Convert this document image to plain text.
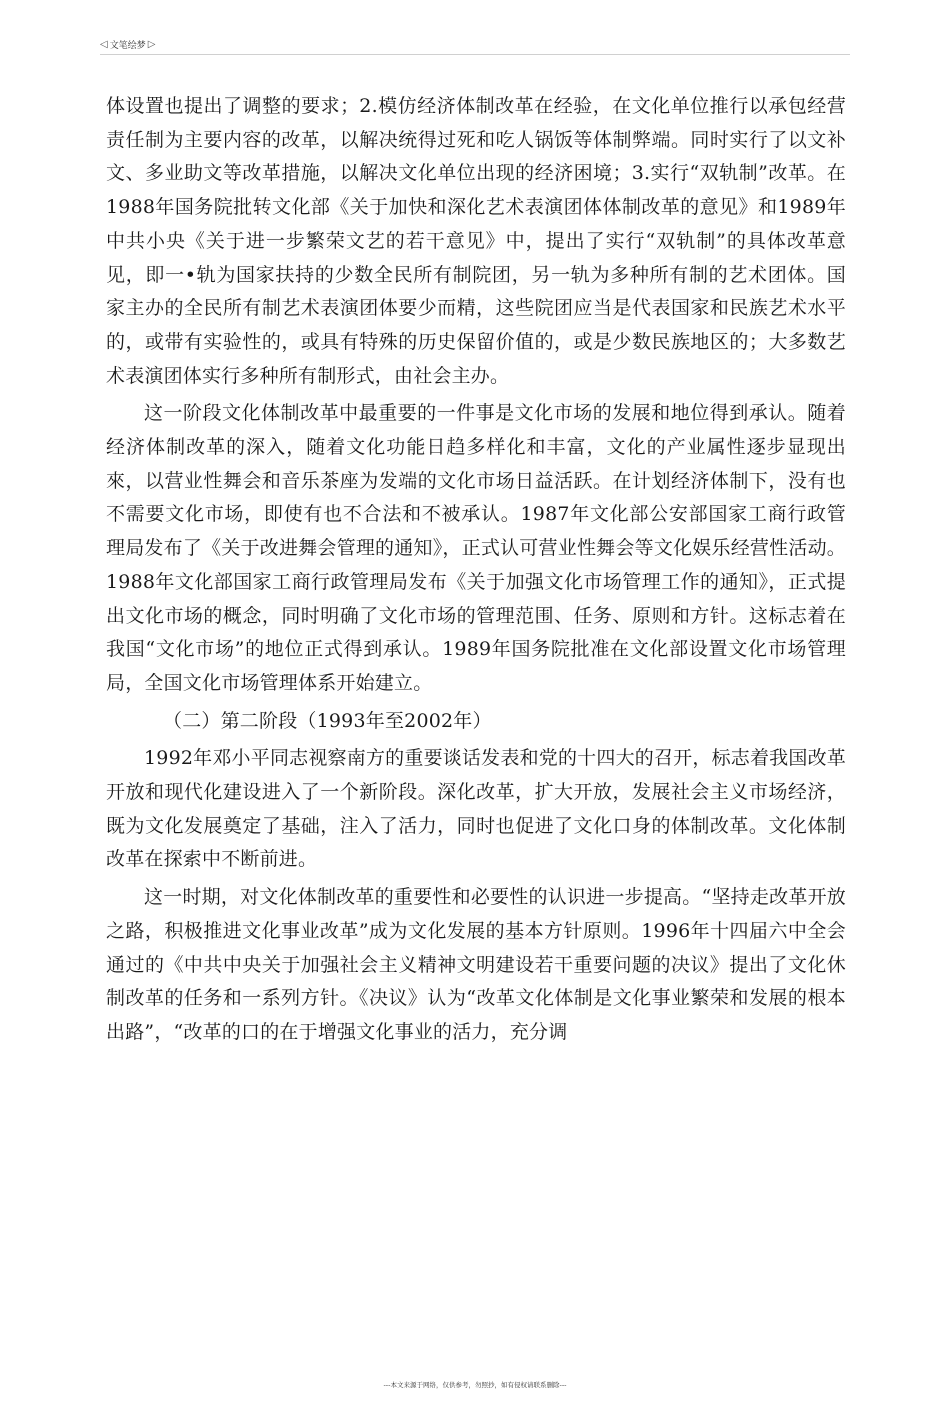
◁ 文笔绘梦 ▷

体设置也提出了调整的要求；2.模仿经济体制改革在经验，在文化单位推行以承包经营责任制为主要内容的改革，以解决统得过死和吃人锅饭等体制弊端。同时实行了以文补文、多业助文等改革措施，以解决文化单位出现的经济困境；3.实行“双轨制”改革。在1988年国务院批转文化部《关于加快和深化艺术表演团体体制改革的意见》和1989年中共小央《关于进一步繁荣文艺的若干意见》中，提出了实行“双轨制”的具体改革意见，即一•轨为国家扶持的少数全民所有制院团，另一轨为多种所有制的艺术团体。国家主办的全民所有制艺术表演团体要少而精，这些院团应当是代表国家和民族艺术水平的，或带有实验性的，或具有特殊的历史保留价值的，或是少数民族地区的；大多数艺术表演团体实行多种所有制形式，由社会主办。

这一阶段文化体制改革中最重要的一件事是文化市场的发展和地位得到承认。随着经济体制改革的深入，随着文化功能日趋多样化和丰富，文化的产业属性逐步显现出來，以营业性舞会和音乐茶座为发端的文化市场日益活跃。在计划经济体制下，没有也不需要文化市场，即使有也不合法和不被承认。1987年文化部公安部国家工商行政管理局发布了《关于改进舞会管理的通知》，正式认可营业性舞会等文化娱乐经营性活动。1988年文化部国家工商行政管理局发布《关于加强文化市场管理工作的通知》，正式提出文化市场的概念，同时明确了文化市场的管理范围、任务、原则和方针。这标志着在我国“文化市场”的地位正式得到承认。1989年国务院批准在文化部设置文化市场管理局，全国文化市场管理体系开始建立。

（二）第二阶段（1993年至2002年）

1992年邓小平同志视察南方的重要谈话发表和党的十四大的召开，标志着我国改革开放和现代化建设进入了一个新阶段。深化改革，扩大开放，发展社会主义市场经济，既为文化发展奠定了基础，注入了活力，同时也促进了文化口身的体制改革。文化体制改革在探索中不断前进。

这一时期，对文化体制改革的重要性和必要性的认识进一步提高。“坚持走改革开放之路，积极推进文化事业改革”成为文化发展的基本方针原则。1996年十四届六中全会通过的《中共中央关于加强社会主义精神文明建设若干重要问题的决议》提出了文化休制改革的任务和一系列方针。《决议》认为“改革文化体制是文化事业繁荣和发展的根本出路”，“改革的口的在于增强文化事业的活力，充分调

---本文来源于网络，仅供参考，勿照抄，如有侵权请联系删除---
